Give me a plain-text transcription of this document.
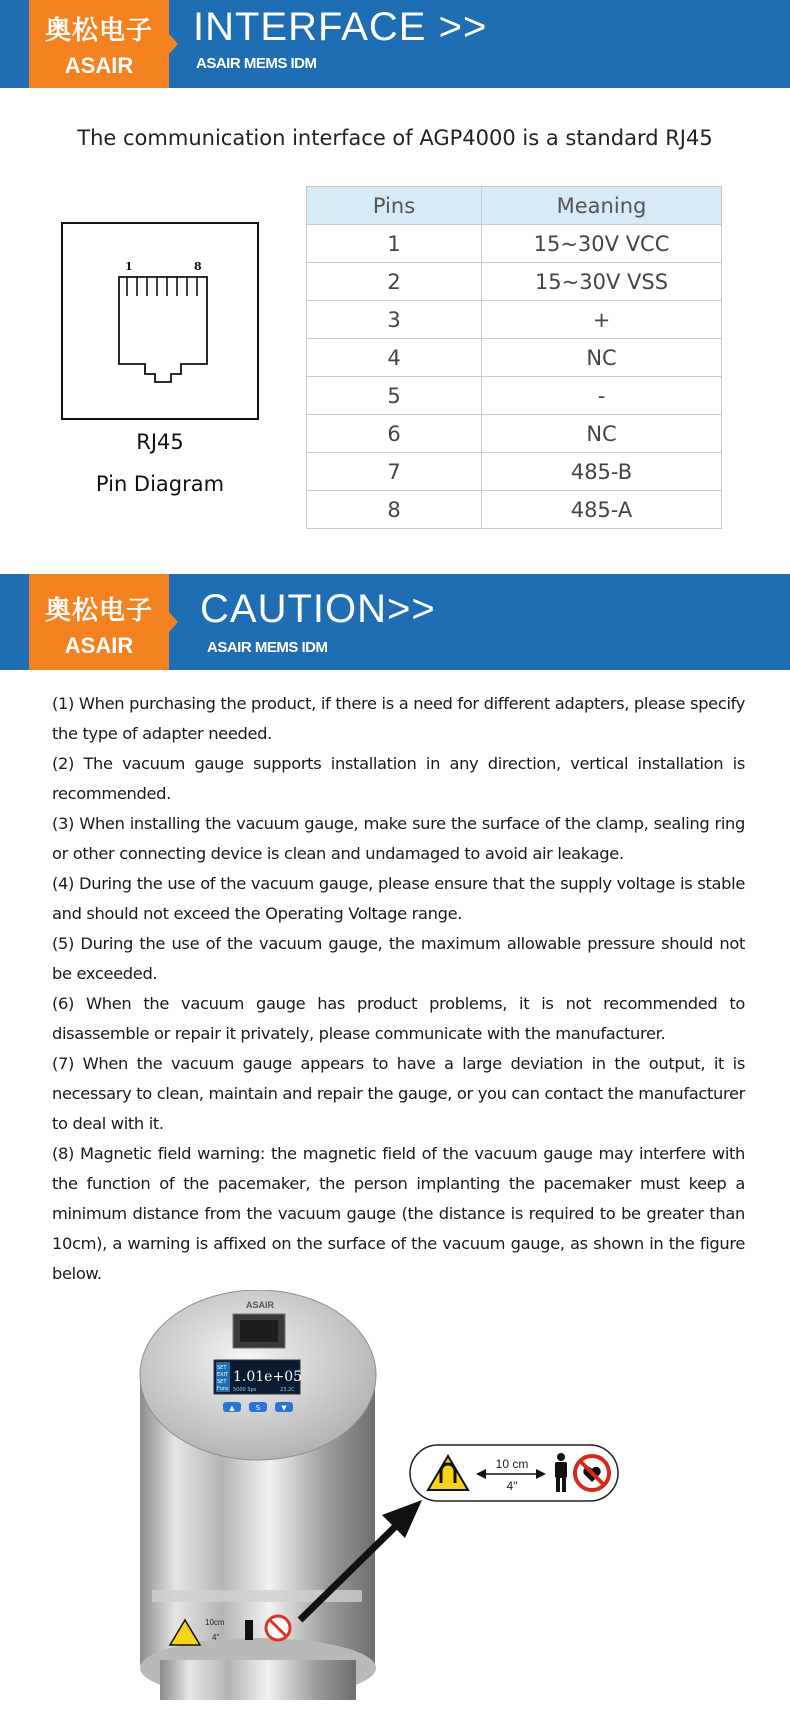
奥松电子
ASAIR
INTERFACE >>
ASAIR MEMS IDM
The communication interface of AGP4000 is a standard RJ45
1	8
RJ45
Pin Diagram
Pins	Meaning
1	15~30V VCC
2	15~30V VSS
3	+
4	NC
5	-
6	NC
7	485-B
8	485-A
奥松电子
ASAIR
CAUTION>>
ASAIR MEMS IDM

(1) When purchasing the product, if there is a need for different adapters, please specify the type of adapter needed.

(2) The vacuum gauge supports installation in any direction, vertical installation is recommended.

(3) When installing the vacuum gauge, make sure the surface of the clamp, sealing ring or other connecting device is clean and undamaged to avoid air leakage.

(4) During the use of the vacuum gauge, please ensure that the supply voltage is stable and should not exceed the Operating Voltage range.

(5) During the use of the vacuum gauge, the maximum allowable pressure should not be exceeded.

(6) When the vacuum gauge has product problems, it is not recommended to disassemble or repair it privately, please communicate with the manufacturer.

(7) When the vacuum gauge appears to have a large deviation in the output, it is necessary to clean, maintain and repair the gauge, or you can contact the manufacturer to deal with it.

(8) Magnetic field warning: the magnetic field of the vacuum gauge may interfere with the function of the pacemaker, the person implanting the pacemaker must keep a minimum distance from the vacuum gauge (the distance is required to be greater than 10cm), a warning is affixed on the surface of the vacuum gauge, as shown in the figure below.

ASAIR
SET
EXIT
SET
Func
1.01e+05
5000 Sps	23.2C
▲	S	▼
10cm
4"
10 cm
4"
